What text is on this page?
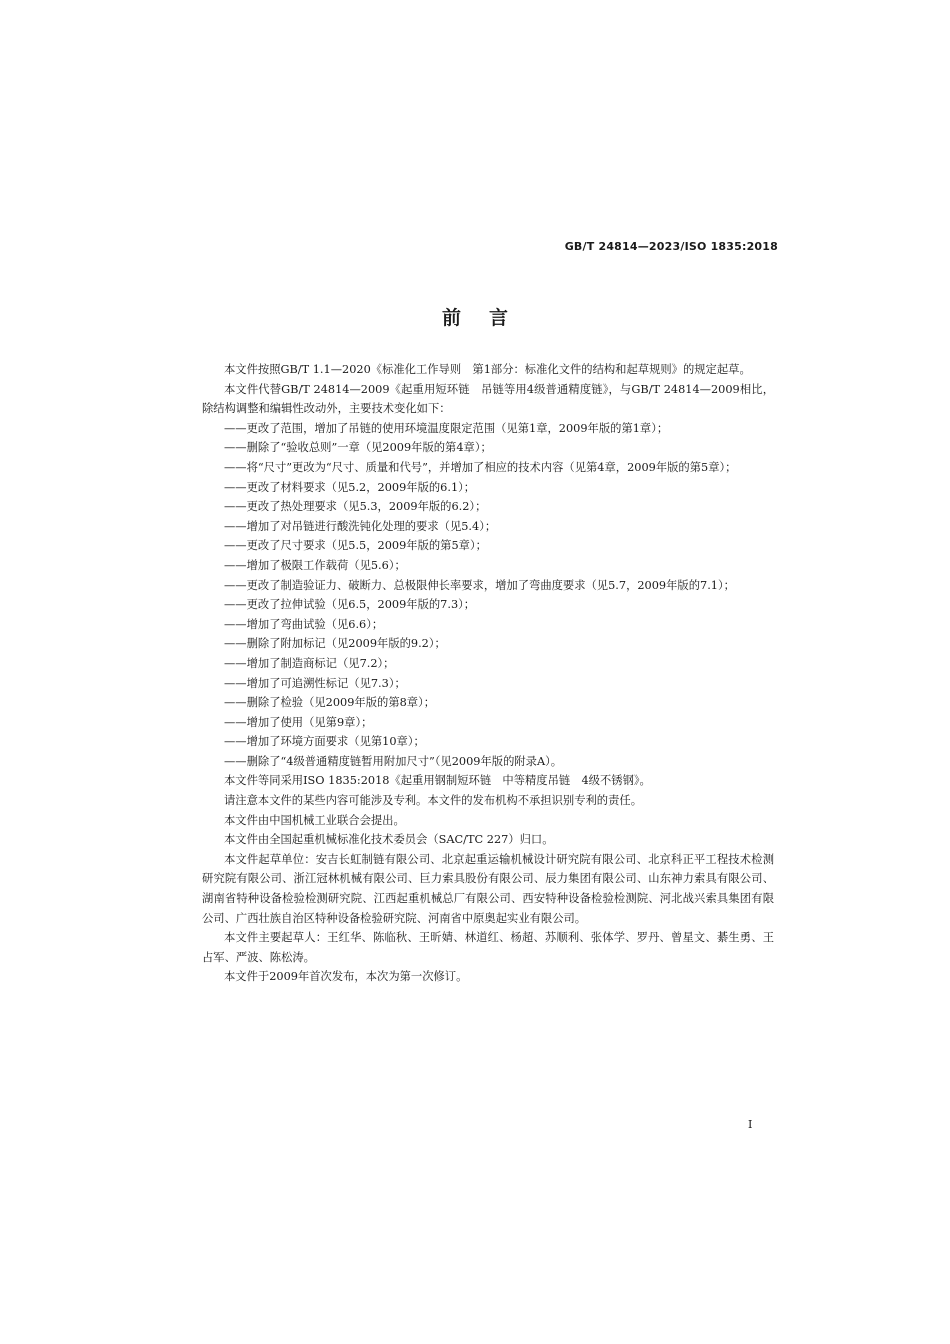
GB/T 24814—2023/ISO 1835:2018
前言

本文件按照GB/T 1.1—2020《标准化工作导则　第1部分：标准化文件的结构和起草规则》的规定起草。

本文件代替GB/T 24814—2009《起重用短环链　吊链等用4级普通精度链》，与GB/T 24814—2009相比，除结构调整和编辑性改动外，主要技术变化如下：

——更改了范围，增加了吊链的使用环境温度限定范围（见第1章，2009年版的第1章）；
——删除了“验收总则”一章（见2009年版的第4章）；
——将“尺寸”更改为“尺寸、质量和代号”，并增加了相应的技术内容（见第4章，2009年版的第5章）；
——更改了材料要求（见5.2，2009年版的6.1）；
——更改了热处理要求（见5.3，2009年版的6.2）；
——增加了对吊链进行酸洗钝化处理的要求（见5.4）；
——更改了尺寸要求（见5.5，2009年版的第5章）；
——增加了极限工作载荷（见5.6）；
——更改了制造验证力、破断力、总极限伸长率要求，增加了弯曲度要求（见5.7，2009年版的7.1）；
——更改了拉伸试验（见6.5，2009年版的7.3）；
——增加了弯曲试验（见6.6）；
——删除了附加标记（见2009年版的9.2）；
——增加了制造商标记（见7.2）；
——增加了可追溯性标记（见7.3）；
——删除了检验（见2009年版的第8章）；
——增加了使用（见第9章）；
——增加了环境方面要求（见第10章）；
——删除了“4级普通精度链暂用附加尺寸”（见2009年版的附录A）。

本文件等同采用ISO 1835:2018《起重用钢制短环链　中等精度吊链　4级不锈钢》。

请注意本文件的某些内容可能涉及专利。本文件的发布机构不承担识别专利的责任。

本文件由中国机械工业联合会提出。

本文件由全国起重机械标准化技术委员会（SAC/TC 227）归口。

本文件起草单位：安吉长虹制链有限公司、北京起重运输机械设计研究院有限公司、北京科正平工程技术检测研究院有限公司、浙江冠林机械有限公司、巨力索具股份有限公司、辰力集团有限公司、山东神力索具有限公司、湖南省特种设备检验检测研究院、江西起重机械总厂有限公司、西安特种设备检验检测院、河北战兴索具集团有限公司、广西壮族自治区特种设备检验研究院、河南省中原奥起实业有限公司。

本文件主要起草人：王红华、陈临秋、王昕婧、林道红、杨超、苏顺利、张体学、罗丹、曾星文、綦生勇、王占军、严波、陈松涛。

本文件于2009年首次发布，本次为第一次修订。

I
